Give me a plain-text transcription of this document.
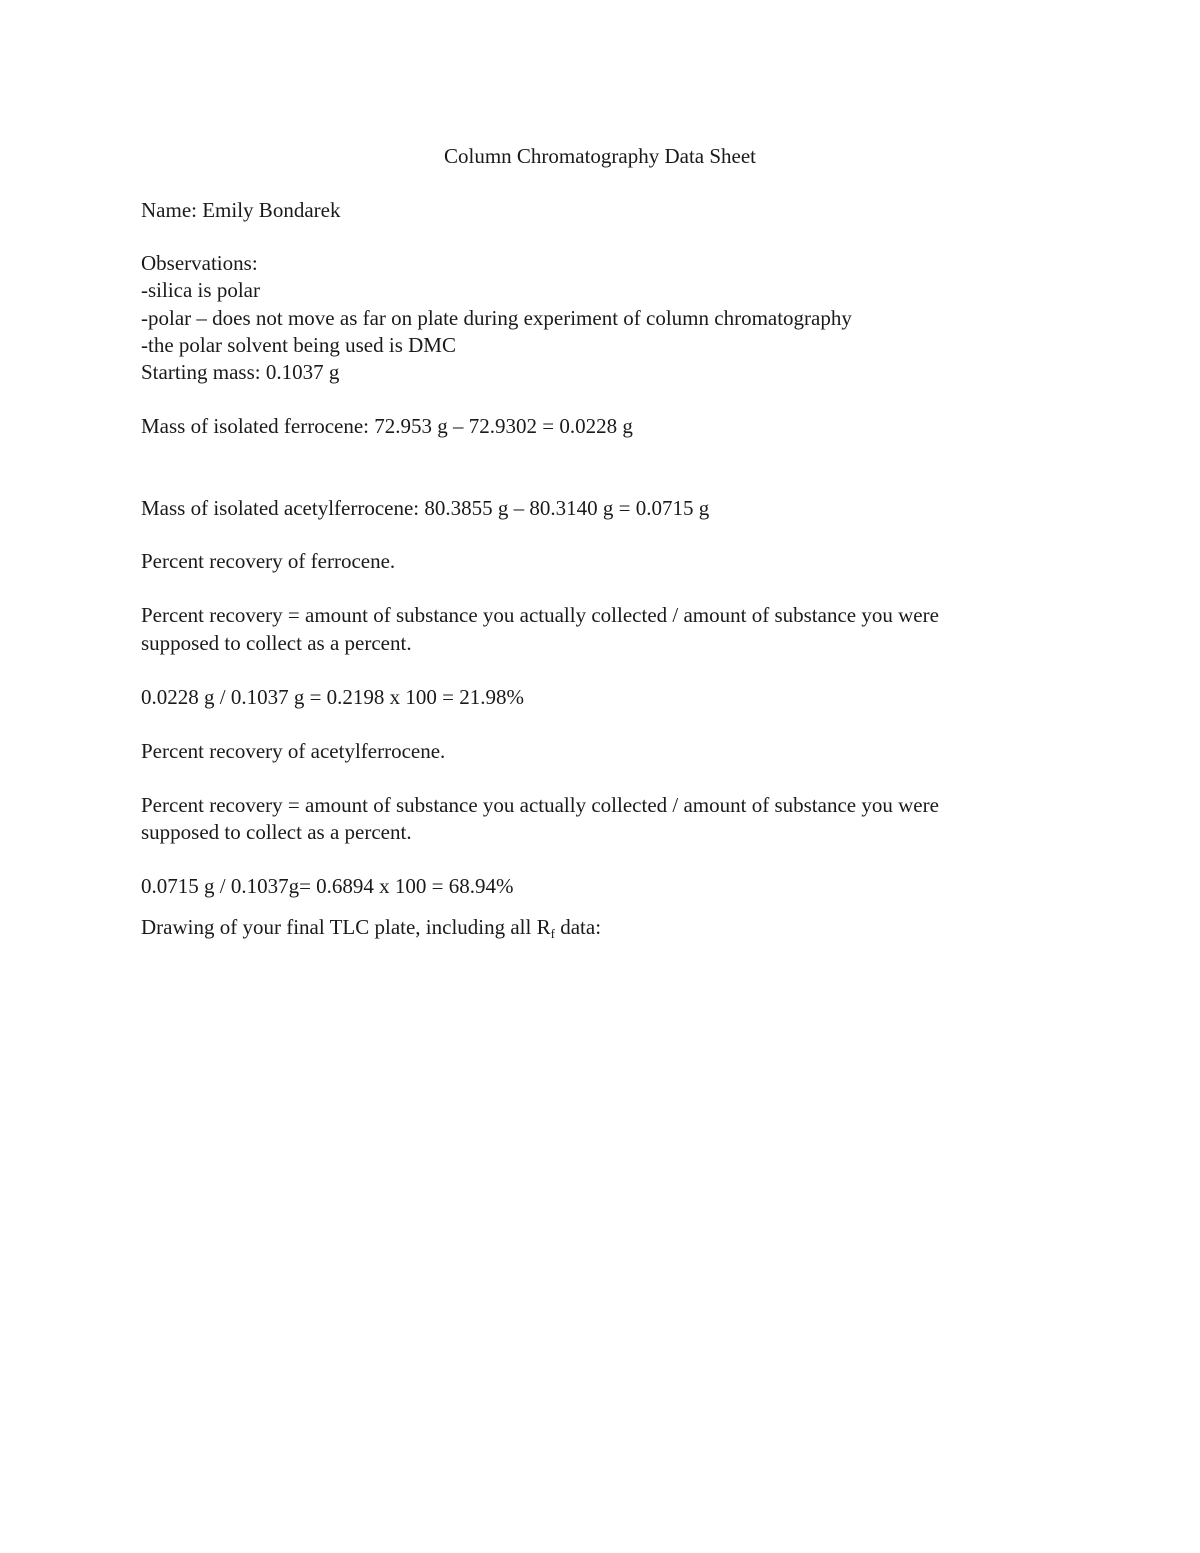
Column Chromatography Data Sheet
Name: Emily Bondarek
Observations:
-silica is polar
-polar – does not move as far on plate during experiment of column chromatography
-the polar solvent being used is DMC
Starting mass: 0.1037 g
Mass of isolated ferrocene: 72.953 g – 72.9302 = 0.0228 g
Mass of isolated acetylferrocene: 80.3855 g – 80.3140 g = 0.0715 g
Percent recovery of ferrocene.
Percent recovery = amount of substance you actually collected / amount of substance you were
supposed to collect as a percent.
0.0228 g / 0.1037 g = 0.2198 x 100 = 21.98%
Percent recovery of acetylferrocene.
Percent recovery = amount of substance you actually collected / amount of substance you were
supposed to collect as a percent.
0.0715 g / 0.1037g= 0.6894 x 100 = 68.94%
Drawing of your final TLC plate, including all Rf data:
